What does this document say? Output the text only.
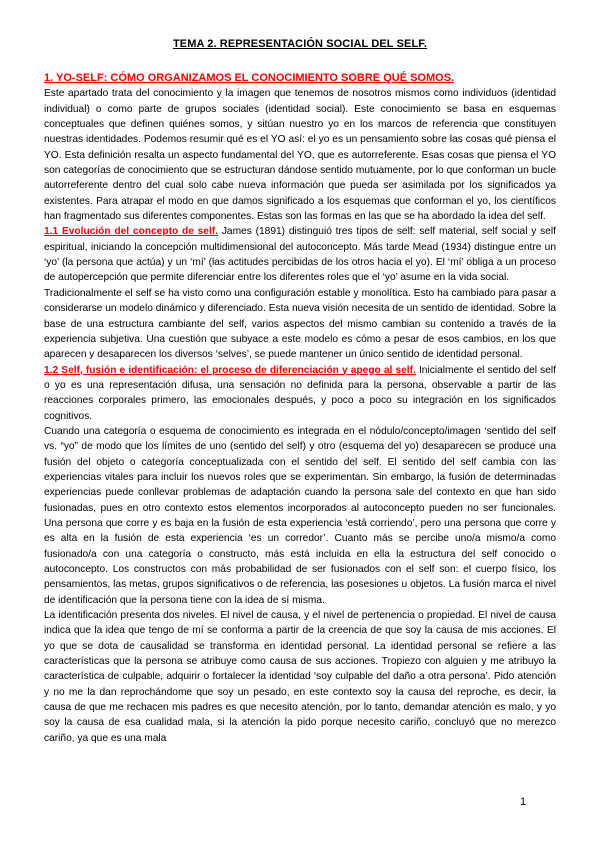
TEMA 2. REPRESENTACIÓN SOCIAL DEL SELF.
1. YO-SELF: CÓMO ORGANIZAMOS EL CONOCIMIENTO SOBRE QUÉ SOMOS.

Este apartado trata del conocimiento y la imagen que tenemos de nosotros mismos como individuos (identidad individual) o como parte de grupos sociales (identidad social). Este conocimiento se basa en esquemas conceptuales que definen quiénes somos, y sitúan nuestro yo en los marcos de referencia que constituyen nuestras identidades. Podemos resumir qué es el YO así: el yo es un pensamiento sobre las cosas qué piensa el YO. Esta definición resalta un aspecto fundamental del YO, que es autorreferente. Esas cosas que piensa el YO son categorías de conocimiento que se estructuran dándose sentido mutuamente, por lo que conforman un bucle autorreferente dentro del cual solo cabe nueva información que pueda ser asimilada por los significados ya existentes. Para atrapar el modo en que damos significado a los esquemas que conforman el yo, los científicos han fragmentado sus diferentes componentes. Estas son las formas en las que se ha abordado la idea del self.

1.1 Evolución del concepto de self. James (1891) distinguió tres tipos de self: self material, self social y self espiritual, iniciando la concepción multidimensional del autoconcepto. Más tarde Mead (1934) distingue entre un ‘yo’ (la persona que actúa) y un ‘mí’ (las actitudes percibidas de los otros hacia el yo). El ‘mí’ obliga a un proceso de autopercepción que permite diferenciar entre los diferentes roles que el ‘yo’ asume en la vida social.

Tradicionalmente el self se ha visto como una configuración estable y monolítica. Esto ha cambiado para pasar a considerarse un modelo dinámico y diferenciado. Esta nueva visión necesita de un sentido de identidad. Sobre la base de una estructura cambiante del self, varios aspectos del mismo cambian su contenido a través de la experiencia subjetiva. Una cuestión que subyace a este modelo es cómo a pesar de esos cambios, en los que aparecen y desaparecen los diversos ‘selves’, se puede mantener un único sentido de identidad personal.

1.2 Self, fusión e identificación: el proceso de diferenciación y apego al self. Inicialmente el sentido del self o yo es una representación difusa, una sensación no definida para la persona, observable a partir de las reacciones corporales primero, las emocionales después, y poco a poco su integración en los significados cognitivos.

Cuando una categoría o esquema de conocimiento es integrada en el nódulo/concepto/imagen ‘sentido del self vs. “yo” de modo que los límites de uno (sentido del self) y otro (esquema del yo) desaparecen se produce una fusión del objeto o categoría conceptualizada con el sentido del self. El sentido del self cambia con las experiencias vitales para incluir los nuevos roles que se experimentan. Sin embargo, la fusión de determinadas experiencias puede conllevar problemas de adaptación cuando la persona sale del contexto en que han sido fusionadas, pues en otro contexto estos elementos incorporados al autoconcepto pueden no ser funcionales. Una persona que corre y es baja en la fusión de esta experiencia ‘está corriendo’, pero una persona que corre y es alta en la fusión de esta experiencia ‘es un corredor’. Cuanto más se percibe uno/a mismo/a como fusionado/a con una categoría o constructo, más está incluida en ella la estructura del self conocido o autoconcepto. Los constructos con más probabilidad de ser fusionados con el self son: el cuerpo físico, los pensamientos, las metas, grupos significativos o de referencia, las posesiones u objetos. La fusión marca el nivel de identificación que la persona tiene con la idea de sí misma.

La identificación presenta dos niveles. El nivel de causa, y el nivel de pertenencia o propiedad. El nivel de causa indica que la idea que tengo de mí se conforma a partir de la creencia de que soy la causa de mis acciones. El yo que se dota de causalidad se transforma en identidad personal. La identidad personal se refiere a las características que la persona se atribuye como causa de sus acciones. Tropiezo con alguien y me atribuyo la característica de culpable, adquirir o fortalecer la identidad ‘soy culpable del daño a otra persona’. Pido atención y no me la dan reprochándome que soy un pesado, en este contexto soy la causa del reproche, es decir, la causa de que me rechacen mis padres es que necesito atención, por lo tanto, demandar atención es malo, y yo soy la causa de esa cualidad mala, si la atención la pido porque necesito cariño, concluyó que no merezco cariño, ya que es una mala

1
